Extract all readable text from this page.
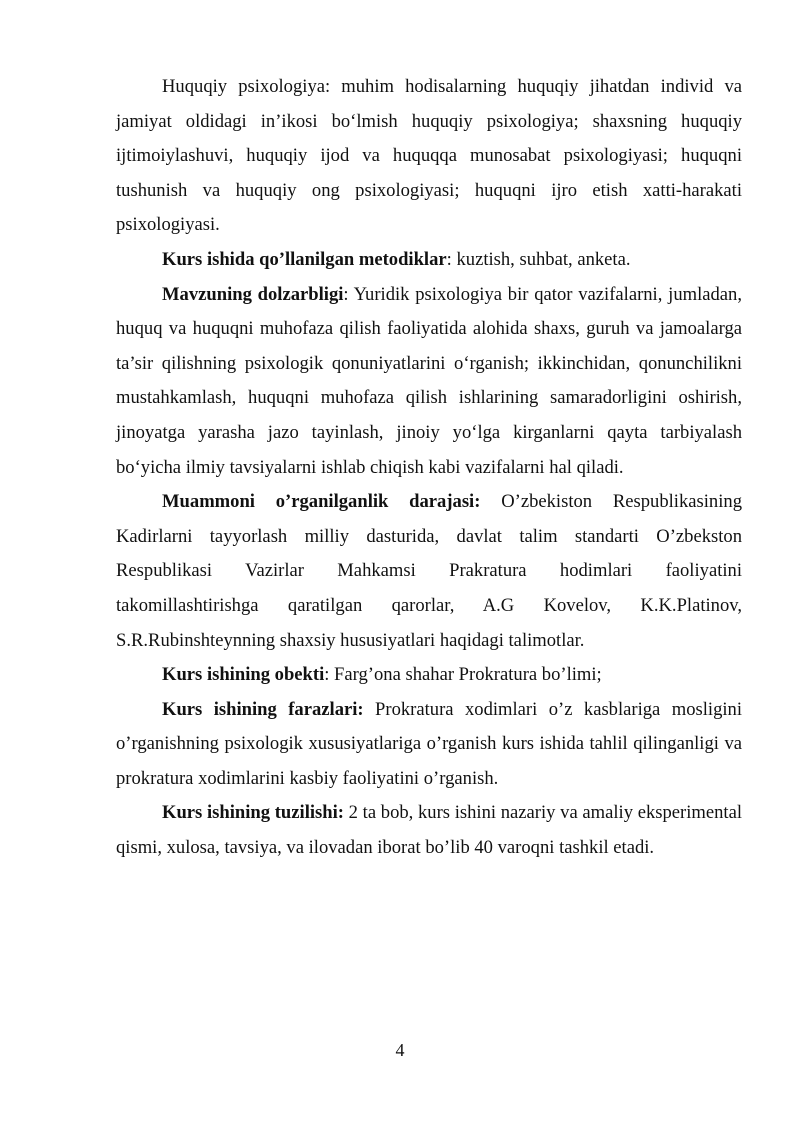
Huquqiy psixologiya: muhim hodisalarning huquqiy jihatdan individ va jamiyat oldidagi in’ikosi bo‘lmish huquqiy psixologiya; shaxsning huquqiy ijtimoiylashuvi, huquqiy ijod va huquqqa munosabat psixologiyasi; huquqni tushunish va huquqiy ong psixologiyasi; huquqni ijro etish xatti-harakati psixologiyasi.

Kurs ishida qo’llanilgan metodiklar: kuztish, suhbat, anketa.

Mavzuning dolzarbligi: Yuridik psixologiya bir qator vazifalarni, jumladan, huquq va huquqni muhofaza qilish faoliyatida alohida shaxs, guruh va jamoalarga ta’sir qilishning psixologik qonuniyatlarini o‘rganish; ikkinchidan, qonunchilikni mustahkamlash, huquqni muhofaza qilish ishlarining samaradorligini oshirish, jinoyatga yarasha jazo tayinlash, jinoiy yo‘lga kirganlarni qayta tarbiyalash bo‘yicha ilmiy tavsiyalarni ishlab chiqish kabi vazifalarni hal qiladi.

Muammoni o’rganilganlik darajasi: O’zbekiston Respublikasining Kadirlarni tayyorlash milliy dasturida, davlat talim standarti O’zbekston Respublikasi Vazirlar Mahkamsi Prakratura hodimlari faoliyatini takomillashtirishga qaratilgan qarorlar, A.G Kovelov, K.K.Platinov, S.R.Rubinshteynning shaxsiy hususiyatlari haqidagi talimotlar.

Kurs ishining obekti: Farg’ona shahar Prokratura bo’limi;

Kurs ishining farazlari: Prokratura xodimlari o’z kasblariga mosligini o’rganishning psixologik xususiyatlariga o’rganish kurs ishida tahlil qilinganligi va prokratura xodimlarini kasbiy faoliyatini o’rganish.

Kurs ishining tuzilishi: 2 ta bob, kurs ishini nazariy va amaliy eksperimental qismi, xulosa, tavsiya, va ilovadan iborat bo’lib 40 varoqni tashkil etadi.

4
